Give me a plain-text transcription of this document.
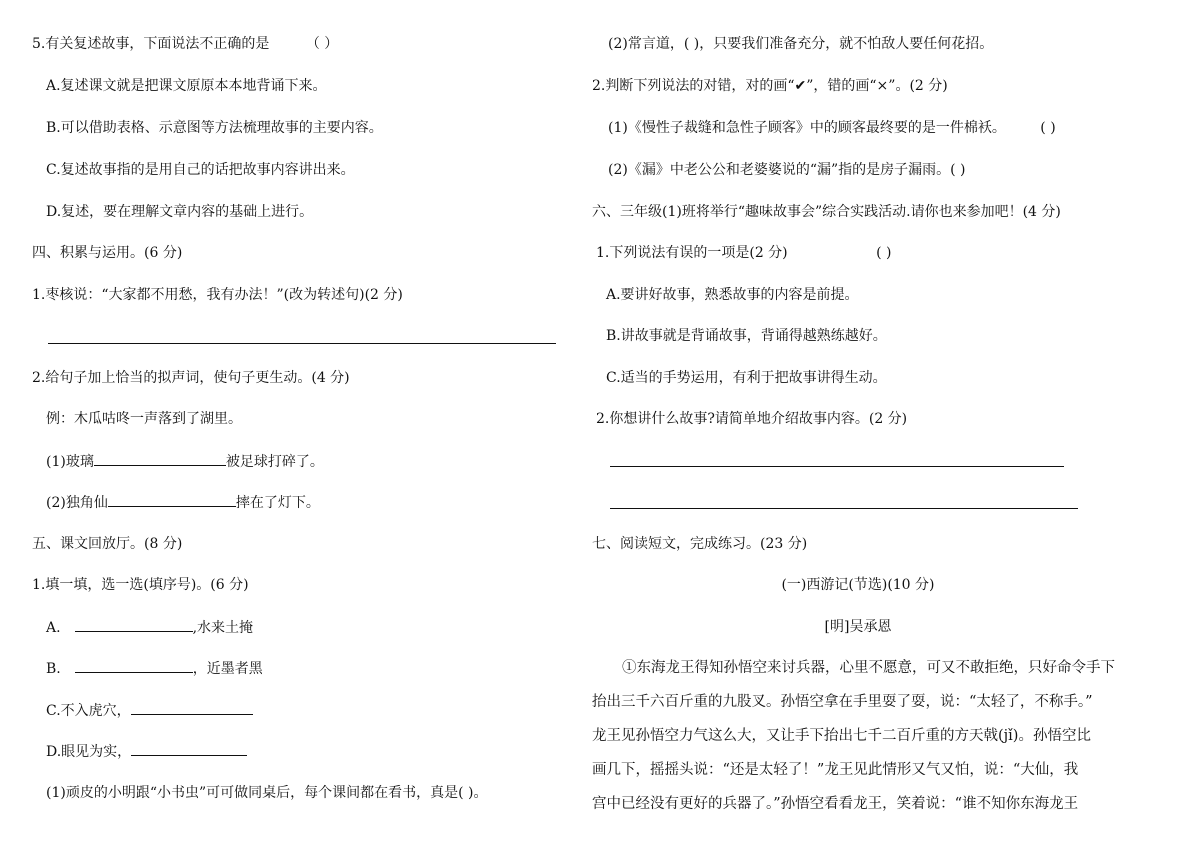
5.有关复述故事，下面说法不正确的是	（ ）
A.复述课文就是把课文原原本本地背诵下来。
B.可以借助表格、示意图等方法梳理故事的主要内容。
C.复述故事指的是用自己的话把故事内容讲出来。
D.复述，要在理解文章内容的基础上进行。
四、积累与运用。(6 分)
1.枣核说：“大家都不用愁，我有办法！”(改为转述句)(2 分)
2.给句子加上恰当的拟声词，使句子更生动。(4 分)
例：木瓜咕咚一声落到了湖里。
(1)玻璃	被足球打碎了。
(2)独角仙	摔在了灯下。
五、课文回放厅。(8 分)
1.填一填，选一选(填序号)。(6 分)
A.	,水来土掩
B.	，近墨者黑
C.不入虎穴，
D.眼见为实，
(1)顽皮的小明跟“小书虫”可可做同桌后，每个课间都在看书，真是( )。
(2)常言道，( )，只要我们准备充分，就不怕敌人要任何花招。
2.判断下列说法的对错，对的画“✔”，错的画“×”。(2 分)
(1)《慢性子裁缝和急性子顾客》中的顾客最终要的是一件棉袄。 ( )
(2)《漏》中老公公和老婆婆说的“漏”指的是房子漏雨。( )
六、三年级(1)班将举行“趣味故事会”综合实践活动.请你也来参加吧！(4 分)
1.下列说法有误的一项是(2 分)	( )
A.要讲好故事，熟悉故事的内容是前提。
B.讲故事就是背诵故事，背诵得越熟练越好。
C.适当的手势运用，有利于把故事讲得生动。
2.你想讲什么故事?请简单地介绍故事内容。(2 分)
七、阅读短文，完成练习。(23 分)
(一)西游记(节选)(10 分)
[明]吴承恩
①东海龙王得知孙悟空来讨兵器，心里不愿意，可又不敢拒绝，只好命令手下
抬出三千六百斤重的九股叉。孙悟空拿在手里耍了耍，说：“太轻了，不称手。”
龙王见孙悟空力气这么大，又让手下抬出七千二百斤重的方天戟(jǐ)。孙悟空比
画几下，摇摇头说：“还是太轻了！”龙王见此情形又气又怕，说：“大仙，我
宫中已经没有更好的兵器了。”孙悟空看看龙王，笑着说：“谁不知你东海龙王
